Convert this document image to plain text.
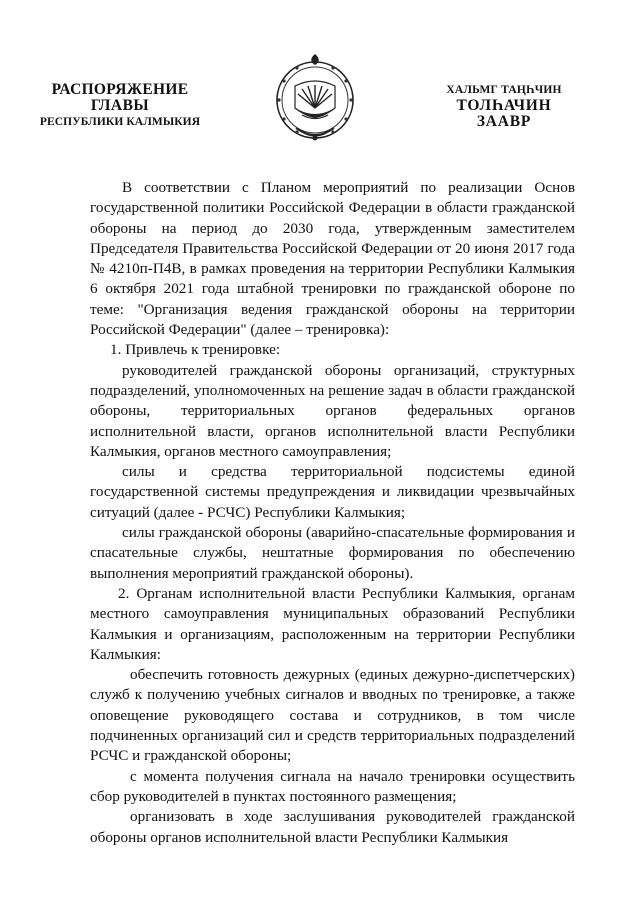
РАСПОРЯЖЕНИЕ
ГЛАВЫ
РЕСПУБЛИКИ КАЛМЫКИЯ
ХАЛЬМГ ТАҢҺЧИН
ТОЛҺАЧИН
ЗААВР

В соответствии с Планом мероприятий по реализации Основ государственной политики Российской Федерации в области гражданской обороны на период до 2030 года, утвержденным заместителем Председателя Правительства Российской Федерации от 20 июня 2017 года № 4210п-П4В, в рамках проведения на территории Республики Калмыкия 6 октября 2021 года штабной тренировки по гражданской обороне по теме: "Организация ведения гражданской обороны на территории Российской Федерации" (далее – тренировка):

1. Привлечь к тренировке:

руководителей гражданской обороны организаций, структурных подразделений, уполномоченных на решение задач в области гражданской обороны, территориальных органов федеральных органов исполнительной власти, органов исполнительной власти Республики Калмыкия, органов местного самоуправления;

силы и средства территориальной подсистемы единой государственной системы предупреждения и ликвидации чрезвычайных ситуаций (далее - РСЧС) Республики Калмыкия;

силы гражданской обороны (аварийно-спасательные формирования и спасательные службы, нештатные формирования по обеспечению выполнения мероприятий гражданской обороны).

2. Органам исполнительной власти Республики Калмыкия, органам местного самоуправления муниципальных образований Республики Калмыкия и организациям, расположенным на территории Республики Калмыкия:

обеспечить готовность дежурных (единых дежурно-диспетчерских) служб к получению учебных сигналов и вводных по тренировке, а также оповещение руководящего состава и сотрудников, в том числе подчиненных организаций сил и средств территориальных подразделений РСЧС и гражданской обороны;

с момента получения сигнала на начало тренировки осуществить сбор руководителей в пунктах постоянного размещения;

организовать в ходе заслушивания руководителей гражданской обороны органов исполнительной власти Республики Калмыкия
